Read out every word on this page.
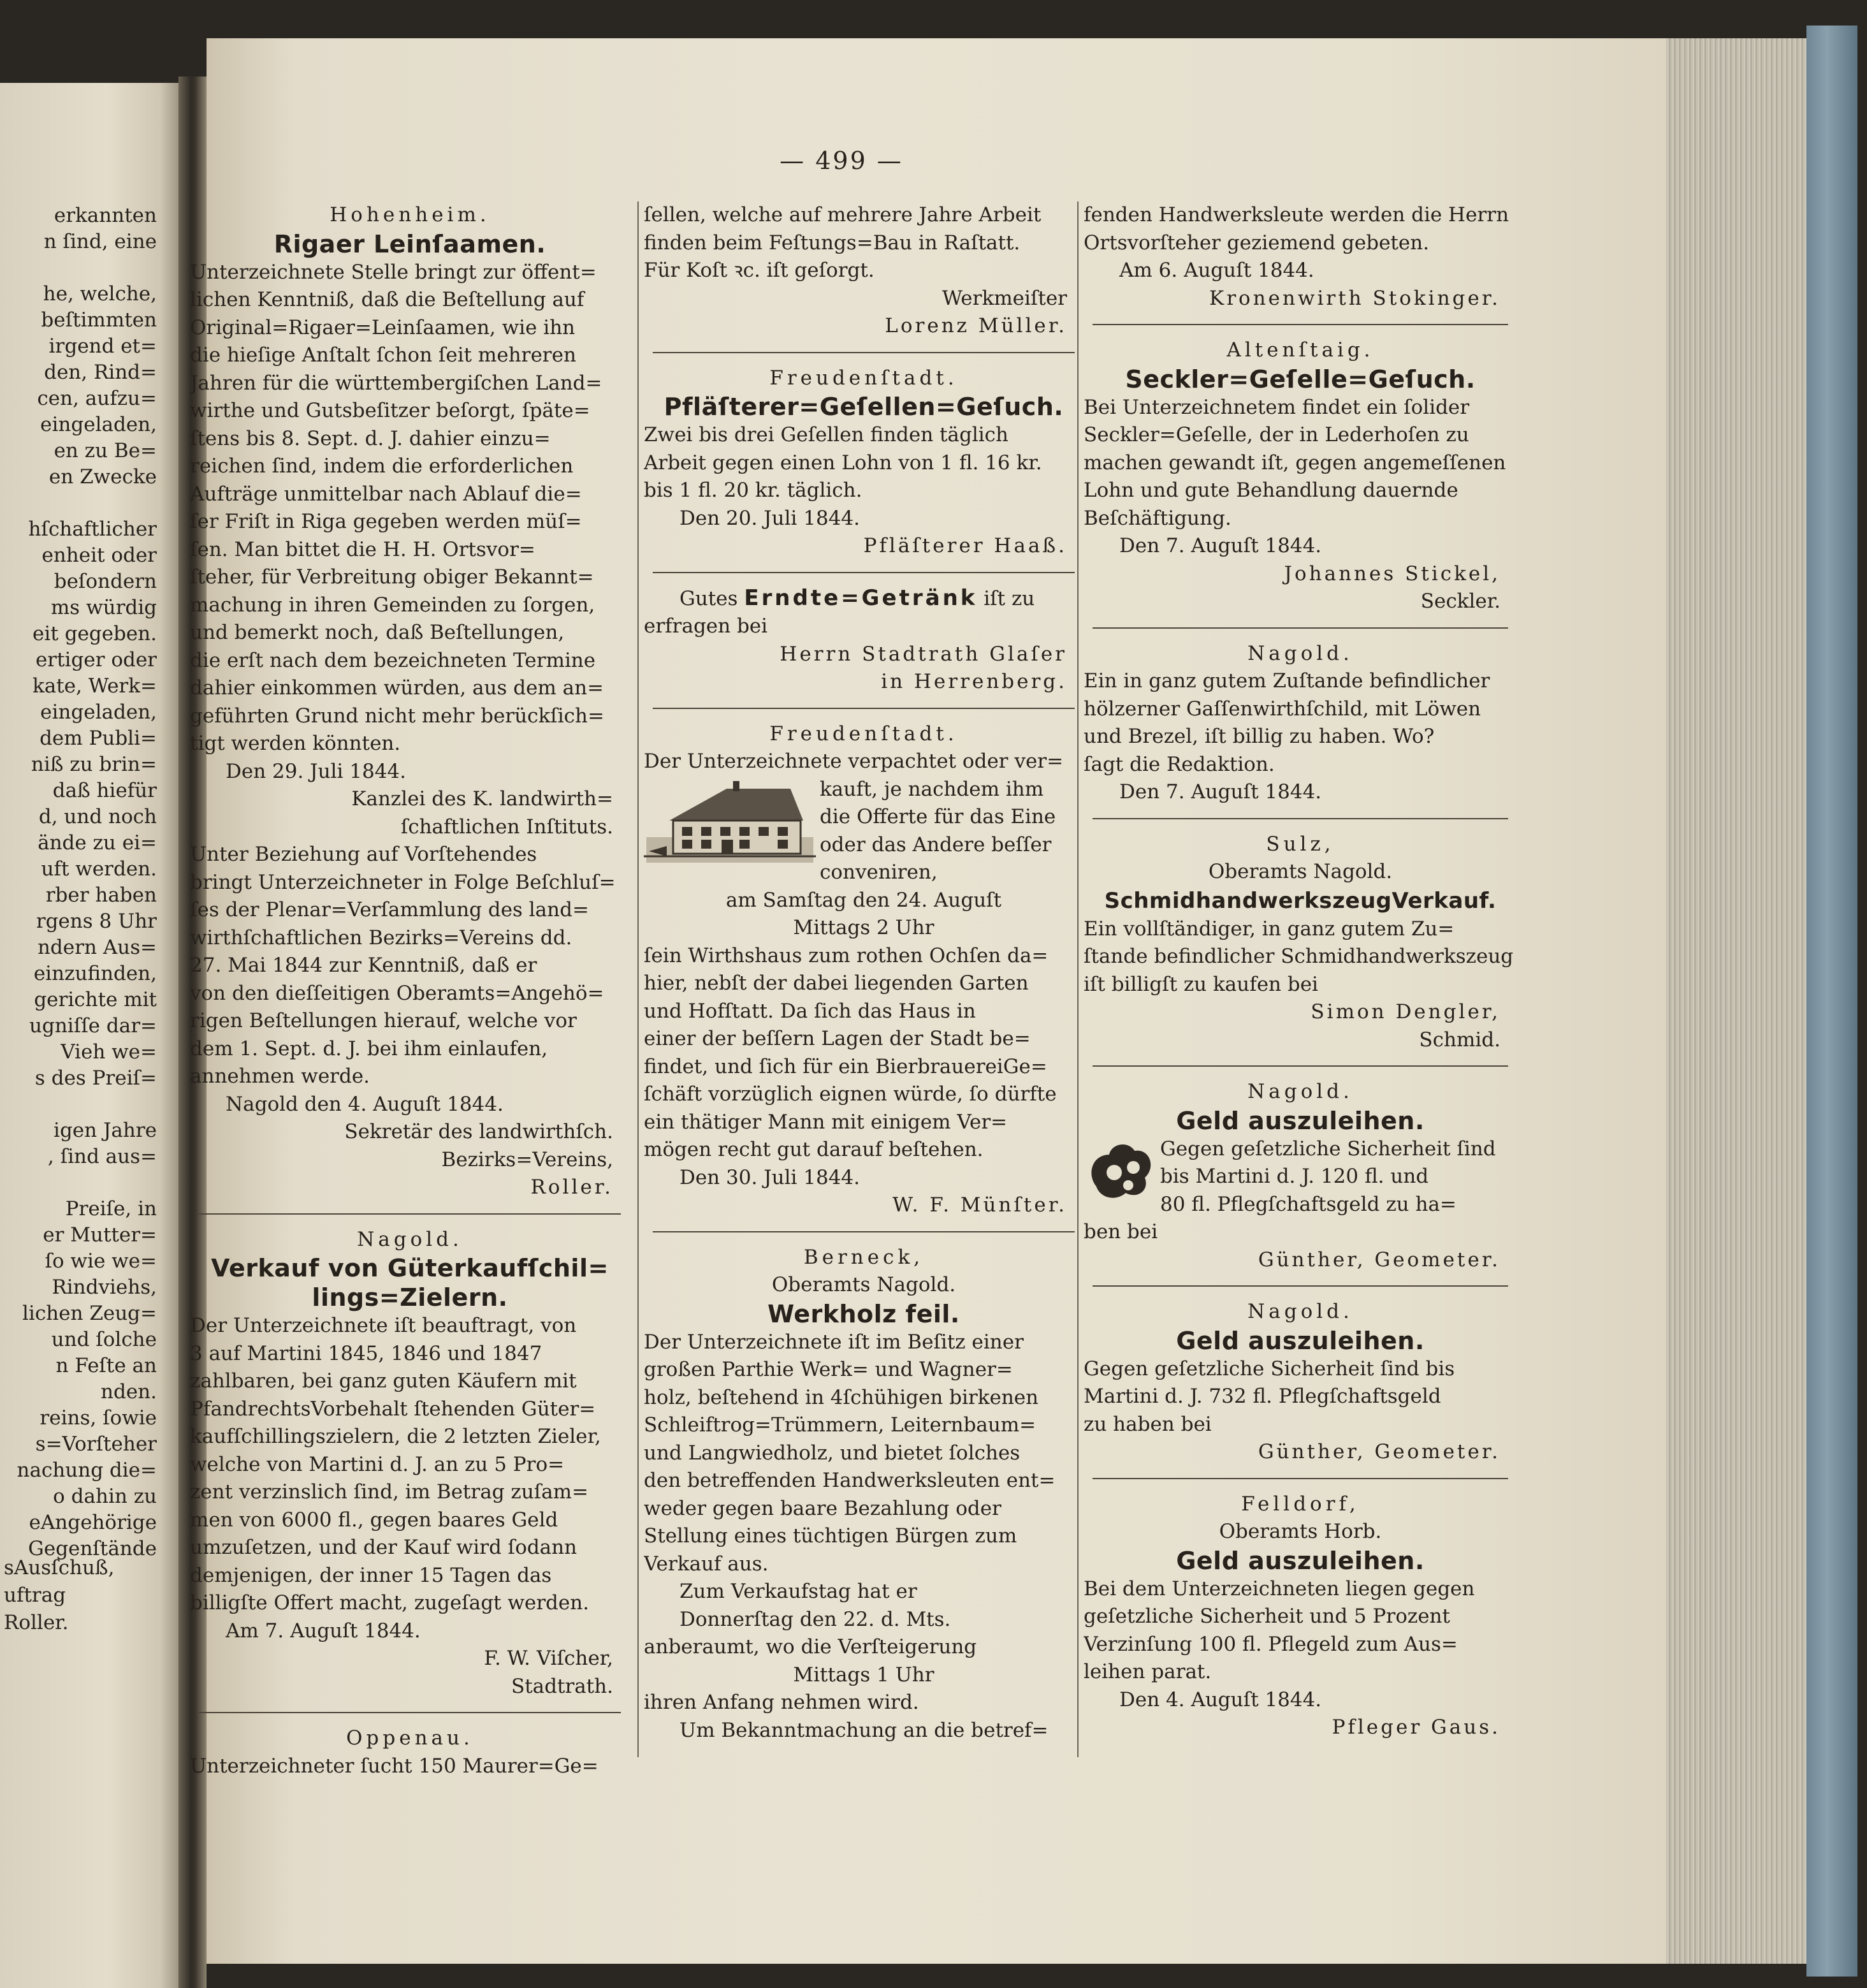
erkannten
n ſind, eine

he, welche,
beſtimmten
irgend et=
den, Rind=
cen, aufzu=
eingeladen,
en zu Be=
en Zwecke

hſchaftlicher
enheit oder
beſondern
ms würdig
eit gegeben.
ertiger oder
kate, Werk=
eingeladen,
dem Publi=
niß zu brin=
daß hiefür
d, und noch
ände zu ei=
uft werden.
rber haben
rgens 8 Uhr
ndern Aus=
einzufinden,
gerichte mit
ugniſſe dar=
Vieh we=
s des Preiſ=

igen Jahre
, ſind aus=

Preiſe, in
er Mutter=
ſo wie we=
Rindviehs,
lichen Zeug=
und ſolche
n Feſte an
nden.
reins, ſowie
s=Vorſteher
nachung die=
o dahin zu
eAngehörige
Gegenſtände
— 499 —
Hohenheim.
Rigaer Leinſaamen.
Unterzeichnete Stelle bringt zur öffent=
lichen Kenntniß, daß die Beſtellung auf
Original=Rigaer=Leinſaamen, wie ihn
die hieſige Anſtalt ſchon ſeit mehreren
Jahren für die württembergiſchen Land=
wirthe und Gutsbeſitzer beſorgt, ſpäte=
ſtens bis 8. Sept. d. J. dahier einzu=
reichen ſind, indem die erforderlichen
Aufträge unmittelbar nach Ablauf die=
ſer Friſt in Riga gegeben werden müſ=
ſen. Man bittet die H. H. Ortsvor=
ſteher, für Verbreitung obiger Bekannt=
machung in ihren Gemeinden zu ſorgen,
und bemerkt noch, daß Beſtellungen,
die erſt nach dem bezeichneten Termine
dahier einkommen würden, aus dem an=
geführten Grund nicht mehr berückſich=
tigt werden könnten.
Den 29. Juli 1844.
Kanzlei des K. landwirth=
ſchaftlichen Inſtituts.
Unter Beziehung auf Vorſtehendes
bringt Unterzeichneter in Folge Beſchluſ=
ſes der Plenar=Verſammlung des land=
wirthſchaftlichen Bezirks=Vereins dd.
27. Mai 1844 zur Kenntniß, daß er
von den dieſſeitigen Oberamts=Angehö=
rigen Beſtellungen hierauf, welche vor
dem 1. Sept. d. J. bei ihm einlaufen,
annehmen werde.
Nagold den 4. Auguſt 1844.
Sekretär des landwirthſch.
Bezirks=Vereins,
Roller.
Nagold.
Verkauf von Güterkaufſchil=
lings=Zielern.
Der Unterzeichnete iſt beauftragt, von
3 auf Martini 1845, 1846 und 1847
zahlbaren, bei ganz guten Käufern mit
PfandrechtsVorbehalt ſtehenden Güter=
kaufſchillingszielern, die 2 letzten Zieler,
welche von Martini d. J. an zu 5 Pro=
zent verzinslich ſind, im Betrag zuſam=
men von 6000 fl., gegen baares Geld
umzuſetzen, und der Kauf wird ſodann
demjenigen, der inner 15 Tagen das
billigſte Offert macht, zugeſagt werden.
Am 7. Auguſt 1844.
F. W. Viſcher,
Stadtrath.
Oppenau.
Unterzeichneter ſucht 150 Maurer=Ge=
ſellen, welche auf mehrere Jahre Arbeit
finden beim Feſtungs=Bau in Raſtatt.
Für Koſt ꝛc. iſt geſorgt.
Werkmeiſter
Lorenz Müller.
Freudenſtadt.
Pfläſterer=Geſellen=Geſuch.
Zwei bis drei Geſellen finden täglich
Arbeit gegen einen Lohn von 1 fl. 16 kr.
bis 1 fl. 20 kr. täglich.
Den 20. Juli 1844.
Pfläſterer Haaß.
Gutes Erndte=Getränk iſt zu
erfragen bei
Herrn Stadtrath Glaſer
in Herrenberg.
Freudenſtadt.
Der Unterzeichnete verpachtet oder ver=
kauft, je nachdem ihm
die Offerte für das Eine
oder das Andere beſſer
conveniren,
am Samſtag den 24. Auguſt
Mittags 2 Uhr
ſein Wirthshaus zum rothen Ochſen da=
hier, nebſt der dabei liegenden Garten
und Hofſtatt. Da ſich das Haus in
einer der beſſern Lagen der Stadt be=
findet, und ſich für ein BierbrauereiGe=
ſchäft vorzüglich eignen würde, ſo dürfte
ein thätiger Mann mit einigem Ver=
mögen recht gut darauf beſtehen.
Den 30. Juli 1844.
W. F. Münſter.
Berneck,
Oberamts Nagold.
Werkholz feil.
Der Unterzeichnete iſt im Beſitz einer
großen Parthie Werk= und Wagner=
holz, beſtehend in 4ſchühigen birkenen
Schleiftrog=Trümmern, Leiternbaum=
und Langwiedholz, und bietet ſolches
den betreffenden Handwerksleuten ent=
weder gegen baare Bezahlung oder
Stellung eines tüchtigen Bürgen zum
Verkauf aus.
Zum Verkaufstag hat er
Donnerſtag den 22. d. Mts.
anberaumt, wo die Verſteigerung
Mittags 1 Uhr
ihren Anfang nehmen wird.
Um Bekanntmachung an die betref=
fenden Handwerksleute werden die Herrn
Ortsvorſteher geziemend gebeten.
Am 6. Auguſt 1844.
Kronenwirth Stokinger.
Altenſtaig.
Seckler=Geſelle=Geſuch.
Bei Unterzeichnetem findet ein ſolider
Seckler=Geſelle, der in Lederhoſen zu
machen gewandt iſt, gegen angemeſſenen
Lohn und gute Behandlung dauernde
Beſchäftigung.
Den 7. Auguſt 1844.
Johannes Stickel,
Seckler.
Nagold.
Ein in ganz gutem Zuſtande befindlicher
hölzerner Gaſſenwirthſchild, mit Löwen
und Brezel, iſt billig zu haben. Wo?
ſagt die Redaktion.
Den 7. Auguſt 1844.
Sulz,
Oberamts Nagold.
SchmidhandwerkszeugVerkauf.
Ein vollſtändiger, in ganz gutem Zu=
ſtande befindlicher Schmidhandwerkszeug
iſt billigſt zu kaufen bei
Simon Dengler,
Schmid.
Nagold.
Geld auszuleihen.
Gegen geſetzliche Sicherheit ſind
bis Martini d. J. 120 fl. und
80 fl. Pflegſchaftsgeld zu ha=
ben bei
Günther, Geometer.
Nagold.
Geld auszuleihen.
Gegen geſetzliche Sicherheit ſind bis
Martini d. J. 732 fl. Pflegſchaftsgeld
zu haben bei
Günther, Geometer.
Felldorf,
Oberamts Horb.
Geld auszuleihen.
Bei dem Unterzeichneten liegen gegen
geſetzliche Sicherheit und 5 Prozent
Verzinſung 100 fl. Pflegeld zum Aus=
leihen parat.
Den 4. Auguſt 1844.
Pfleger Gaus.
sAusſchuß,
uftrag
Roller.
